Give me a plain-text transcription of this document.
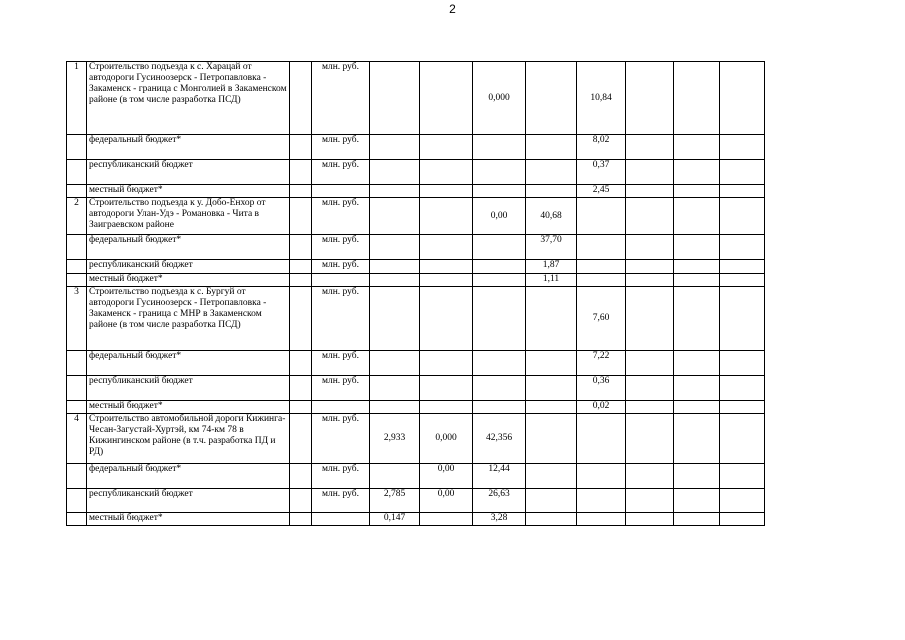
2
1	Строительство подъезда к с. Харацай от автодороги Гусиноозерск - Петропавловка - Закаменск - граница с Монголией в Закаменском районе (в том числе разработка ПСД)		млн. руб.			0,000		10,84			
	федеральный бюджет*		млн. руб.					8,02			
	республиканский бюджет		млн. руб.					0,37			
	местный бюджет*							2,45			
2	Строительство подъезда к у. Добо-Енхор от автодороги Улан-Удэ - Романовка - Чита в Заиграевском районе		млн. руб.			0,00	40,68				
	федеральный бюджет*		млн. руб.				37,70				
	республиканский бюджет		млн. руб.				1,87				
	местный бюджет*						1,11				
3	Строительство подъезда к с. Бургуй от автодороги Гусиноозерск - Петропавловка - Закаменск - граница с МНР в Закаменском районе (в том числе разработка ПСД)		млн. руб.					7,60			
	федеральный бюджет*		млн. руб.					7,22			
	республиканский бюджет		млн. руб.					0,36			
	местный бюджет*							0,02			
4	Строительство автомобильной дороги Кижинга-Чесан-Загустай-Хуртэй, км 74-км 78 в Кижингинском районе (в т.ч. разработка ПД и РД)		млн. руб.	2,933	0,000	42,356					
	федеральный бюджет*		млн. руб.		0,00	12,44					
	республиканский бюджет		млн. руб.	2,785	0,00	26,63					
	местный бюджет*			0,147		3,28					
